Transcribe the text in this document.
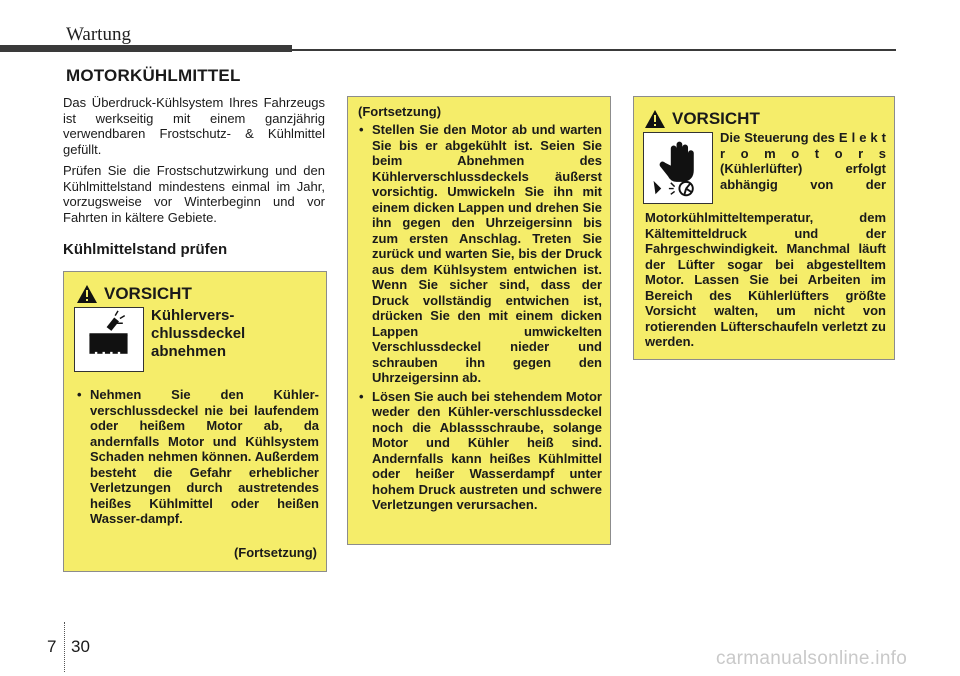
Wartung
MOTORKÜHLMITTEL

Das Überdruck-Kühlsystem Ihres Fahrzeugs ist werkseitig mit einem ganzjährig verwendbaren Frostschutz- & Kühlmittel gefüllt.

Prüfen Sie die Frostschutzwirkung und den Kühlmittelstand mindestens einmal im Jahr, vorzugsweise vor Winterbeginn und vor Fahrten in kältere Gebiete.

Kühlmittelstand prüfen
VORSICHT
Kühlervers-
chlussdeckel
abnehmen
• Nehmen Sie den Kühler-verschlussdeckel nie bei laufendem oder heißem Motor ab, da andernfalls Motor und Kühlsystem Schaden nehmen können. Außerdem besteht die Gefahr erheblicher Verletzungen durch austretendes heißes Kühlmittel oder heißen Wasser-dampf.
(Fortsetzung)
(Fortsetzung)
• Stellen Sie den Motor ab und warten Sie bis er abgekühlt ist. Seien Sie beim Abnehmen des Kühlerverschlussdeckels äußerst vorsichtig. Umwickeln Sie ihn mit einem dicken Lappen und drehen Sie ihn gegen den Uhrzeigersinn bis zum ersten Anschlag. Treten Sie zurück und warten Sie, bis der Druck aus dem Kühlsystem entwichen ist. Wenn Sie sicher sind, dass der Druck vollständig entwichen ist, drücken Sie den mit einem dicken Lappen umwickelten Verschlussdeckel nieder und schrauben ihn gegen den Uhrzeigersinn ab.
• Lösen Sie auch bei stehendem Motor weder den Kühler-verschlussdeckel noch die Ablassschraube, solange Motor und Kühler heiß sind. Andernfalls kann heißes Kühlmittel oder heißer Wasserdampf unter hohem Druck austreten und schwere Verletzungen verursachen.
VORSICHT
Die Steuerung des E l e k t r o m o t o r s (Kühlerlüfter) erfolgt abhängig von der
Motorkühlmitteltemperatur, dem Kältemitteldruck und der Fahrgeschwindigkeit. Manchmal läuft der Lüfter sogar bei abgestelltem Motor. Lassen Sie bei Arbeiten im Bereich des Kühlerlüfters größte Vorsicht walten, um nicht von rotierenden Lüfterschaufeln verletzt zu werden.
7 30
carmanualsonline.info
